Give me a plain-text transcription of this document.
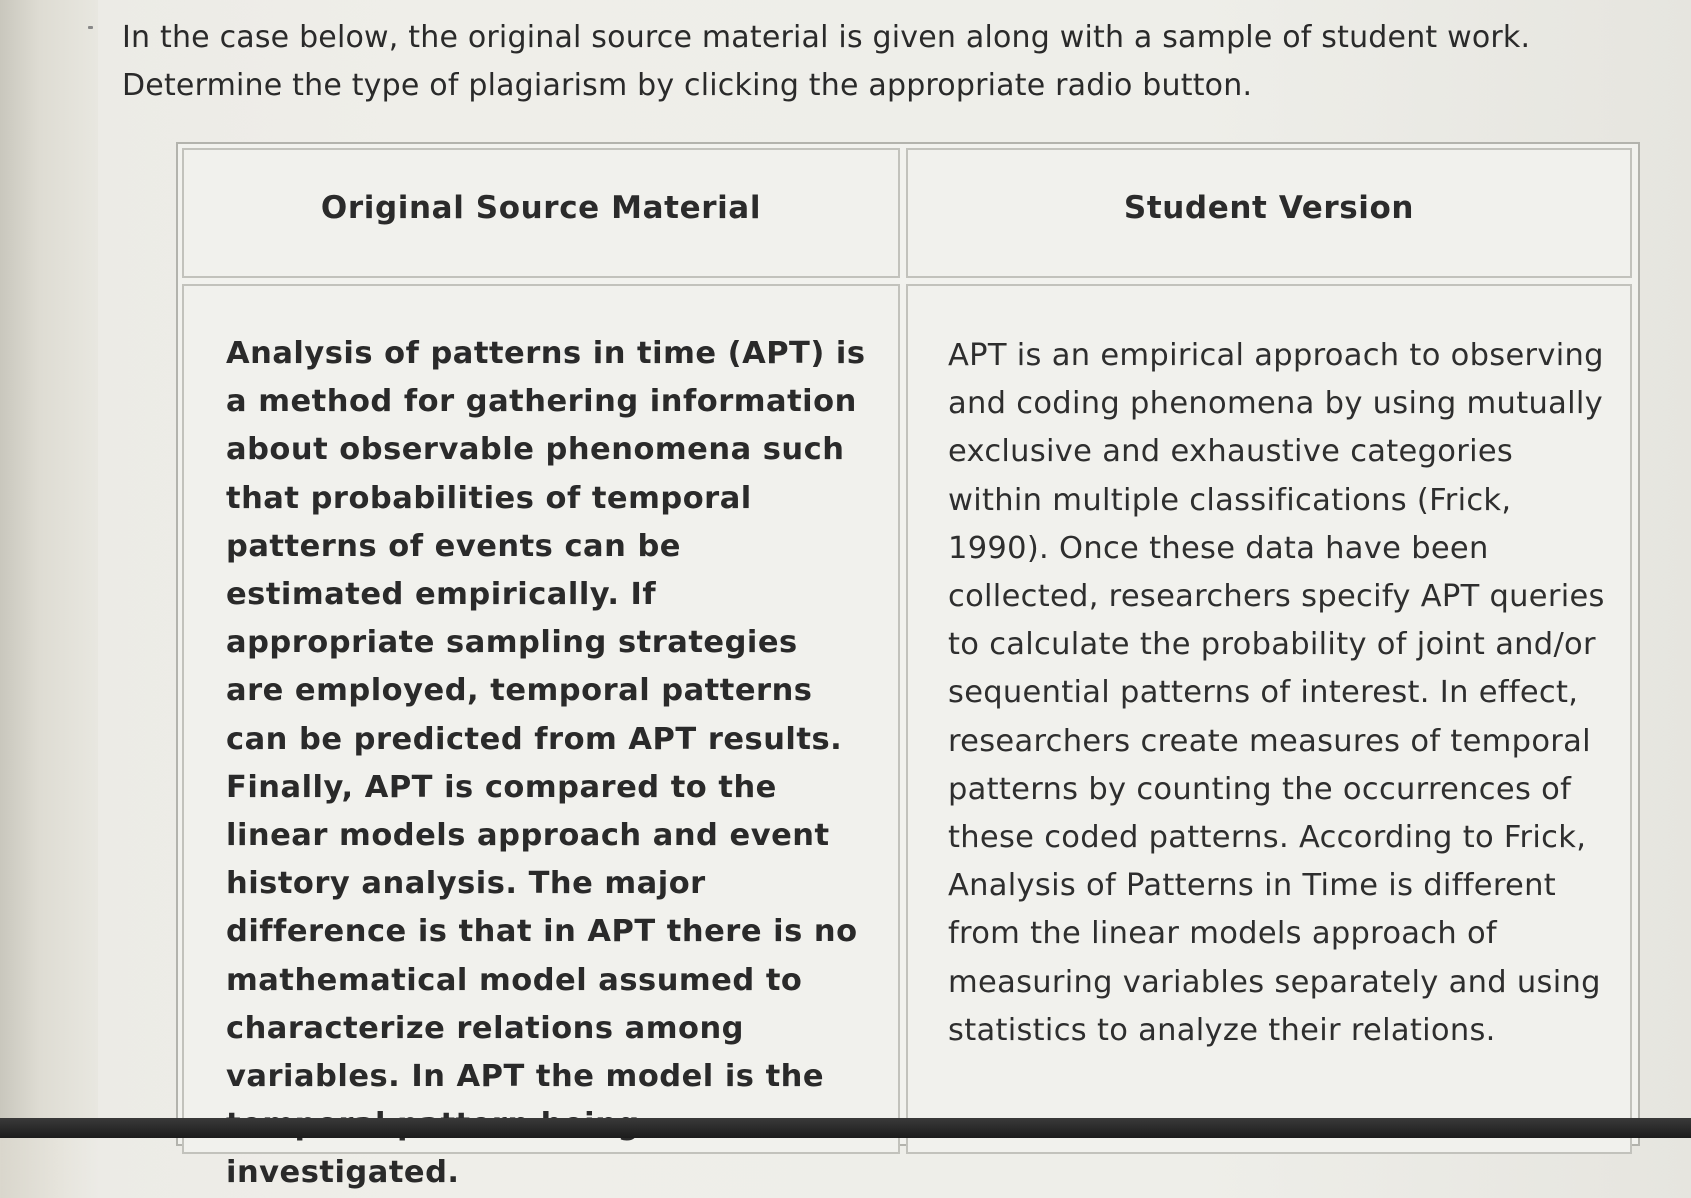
In the case below, the original source material is given along with a sample of student work.

Determine the type of plagiarism by clicking the appropriate radio button.

Original Source Material	Student Version
Analysis of patterns in time (APT) is a method for gathering information about observable phenomena such that probabilities of temporal patterns of events can be estimated empirically. If appropriate sampling strategies are employed, temporal patterns can be predicted from APT results. Finally, APT is compared to the linear models approach and event history analysis. The major difference is that in APT there is no mathematical model assumed to characterize relations among variables. In APT the model is the investigated.
APT is an empirical approach to observing and coding phenomena by using mutually exclusive and exhaustive categories within multiple classifications (Frick, 1990). Once these data have been collected, researchers specify APT queries to calculate the probability of joint and/or sequential patterns of interest. In effect, researchers create measures of temporal patterns by counting the occurrences of these coded patterns. According to Frick, Analysis of Patterns in Time is different from the linear models approach of measuring variables separately and using statistics to analyze their relations.
